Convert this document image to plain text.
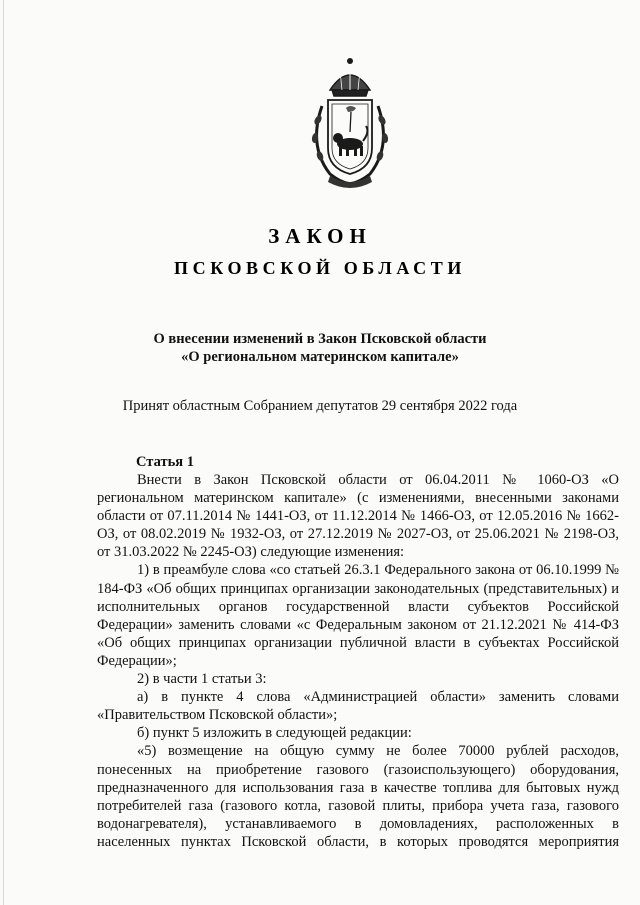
ЗАКОН
ПСКОВСКОЙ ОБЛАСТИ
О внесении изменений в Закон Псковской области
«О региональном материнском капитале»
Принят областным Собранием депутатов 29 сентября 2022 года
Статья 1

Внести в Закон Псковской области от 06.04.2011 № 1060-ОЗ «О региональном материнском капитале» (с изменениями, внесенными законами области от 07.11.2014 № 1441-ОЗ, от 11.12.2014 № 1466-ОЗ, от 12.05.2016 № 1662-ОЗ, от 08.02.2019 № 1932-ОЗ, от 27.12.2019 № 2027-ОЗ, от 25.06.2021 № 2198-ОЗ, от 31.03.2022 № 2245-ОЗ) следующие изменения:

1) в преамбуле слова «со статьей 26.3.1 Федерального закона от 06.10.1999 № 184-ФЗ «Об общих принципах организации законодательных (представительных) и исполнительных органов государственной власти субъектов Российской Федерации» заменить словами «с Федеральным законом от 21.12.2021 № 414-ФЗ «Об общих принципах организации публичной власти в субъектах Российской Федерации»;

2) в части 1 статьи 3:

а) в пункте 4 слова «Администрацией области» заменить словами «Правительством Псковской области»;

б) пункт 5 изложить в следующей редакции:

«5) возмещение на общую сумму не более 70000 рублей расходов, понесенных на приобретение газового (газоиспользующего) оборудования, предназначенного для использования газа в качестве топлива для бытовых нужд потребителей газа (газового котла, газовой плиты, прибора учета газа, газового водонагревателя), устанавливаемого в домовладениях, расположенных в населенных пунктах Псковской области, в которых проводятся мероприятия
